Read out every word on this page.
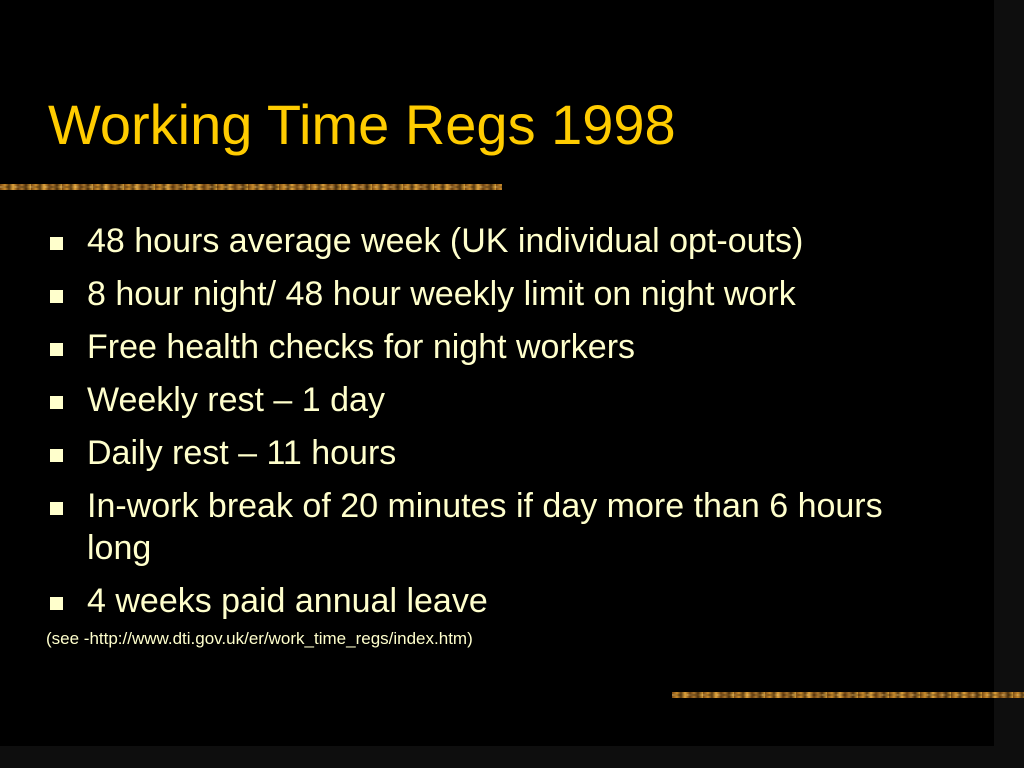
Working Time Regs 1998
48 hours average week (UK individual opt-outs)
8 hour night/ 48 hour weekly limit on night work
Free health checks for night workers
Weekly rest – 1 day
Daily rest – 11 hours
In-work break of 20 minutes if day more than 6 hours long
4 weeks paid annual leave

(see -http://www.dti.gov.uk/er/work_time_regs/index.htm)
